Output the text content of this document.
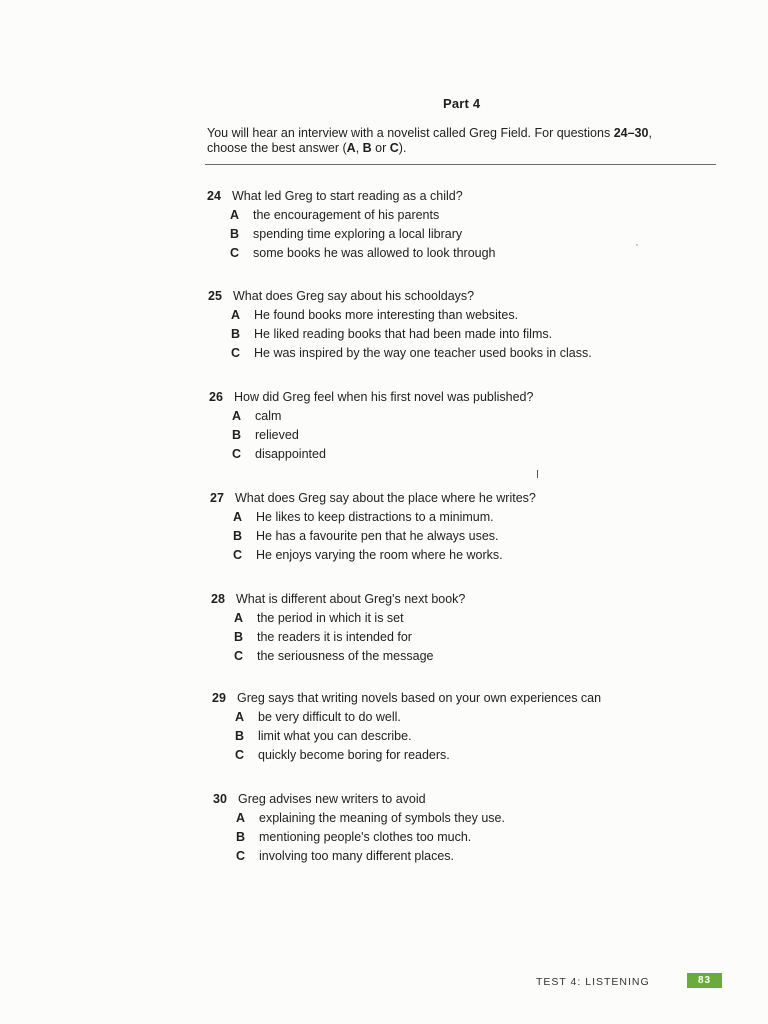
Part 4
You will hear an interview with a novelist called Greg Field. For questions 24–30,
choose the best answer (A, B or C).
24 What led Greg to start reading as a child?
A	the encouragement of his parents
B	spending time exploring a local library
C	some books he was allowed to look through
25 What does Greg say about his schooldays?
A	He found books more interesting than websites.
B	He liked reading books that had been made into films.
C	He was inspired by the way one teacher used books in class.
26 How did Greg feel when his first novel was published?
A	calm
B	relieved
C	disappointed
27 What does Greg say about the place where he writes?
A	He likes to keep distractions to a minimum.
B	He has a favourite pen that he always uses.
C	He enjoys varying the room where he works.
28 What is different about Greg's next book?
A	the period in which it is set
B	the readers it is intended for
C	the seriousness of the message
29 Greg says that writing novels based on your own experiences can
A	be very difficult to do well.
B	limit what you can describe.
C	quickly become boring for readers.
30 Greg advises new writers to avoid
A	explaining the meaning of symbols they use.
B	mentioning people's clothes too much.
C	involving too many different places.
TEST 4: LISTENING	83
